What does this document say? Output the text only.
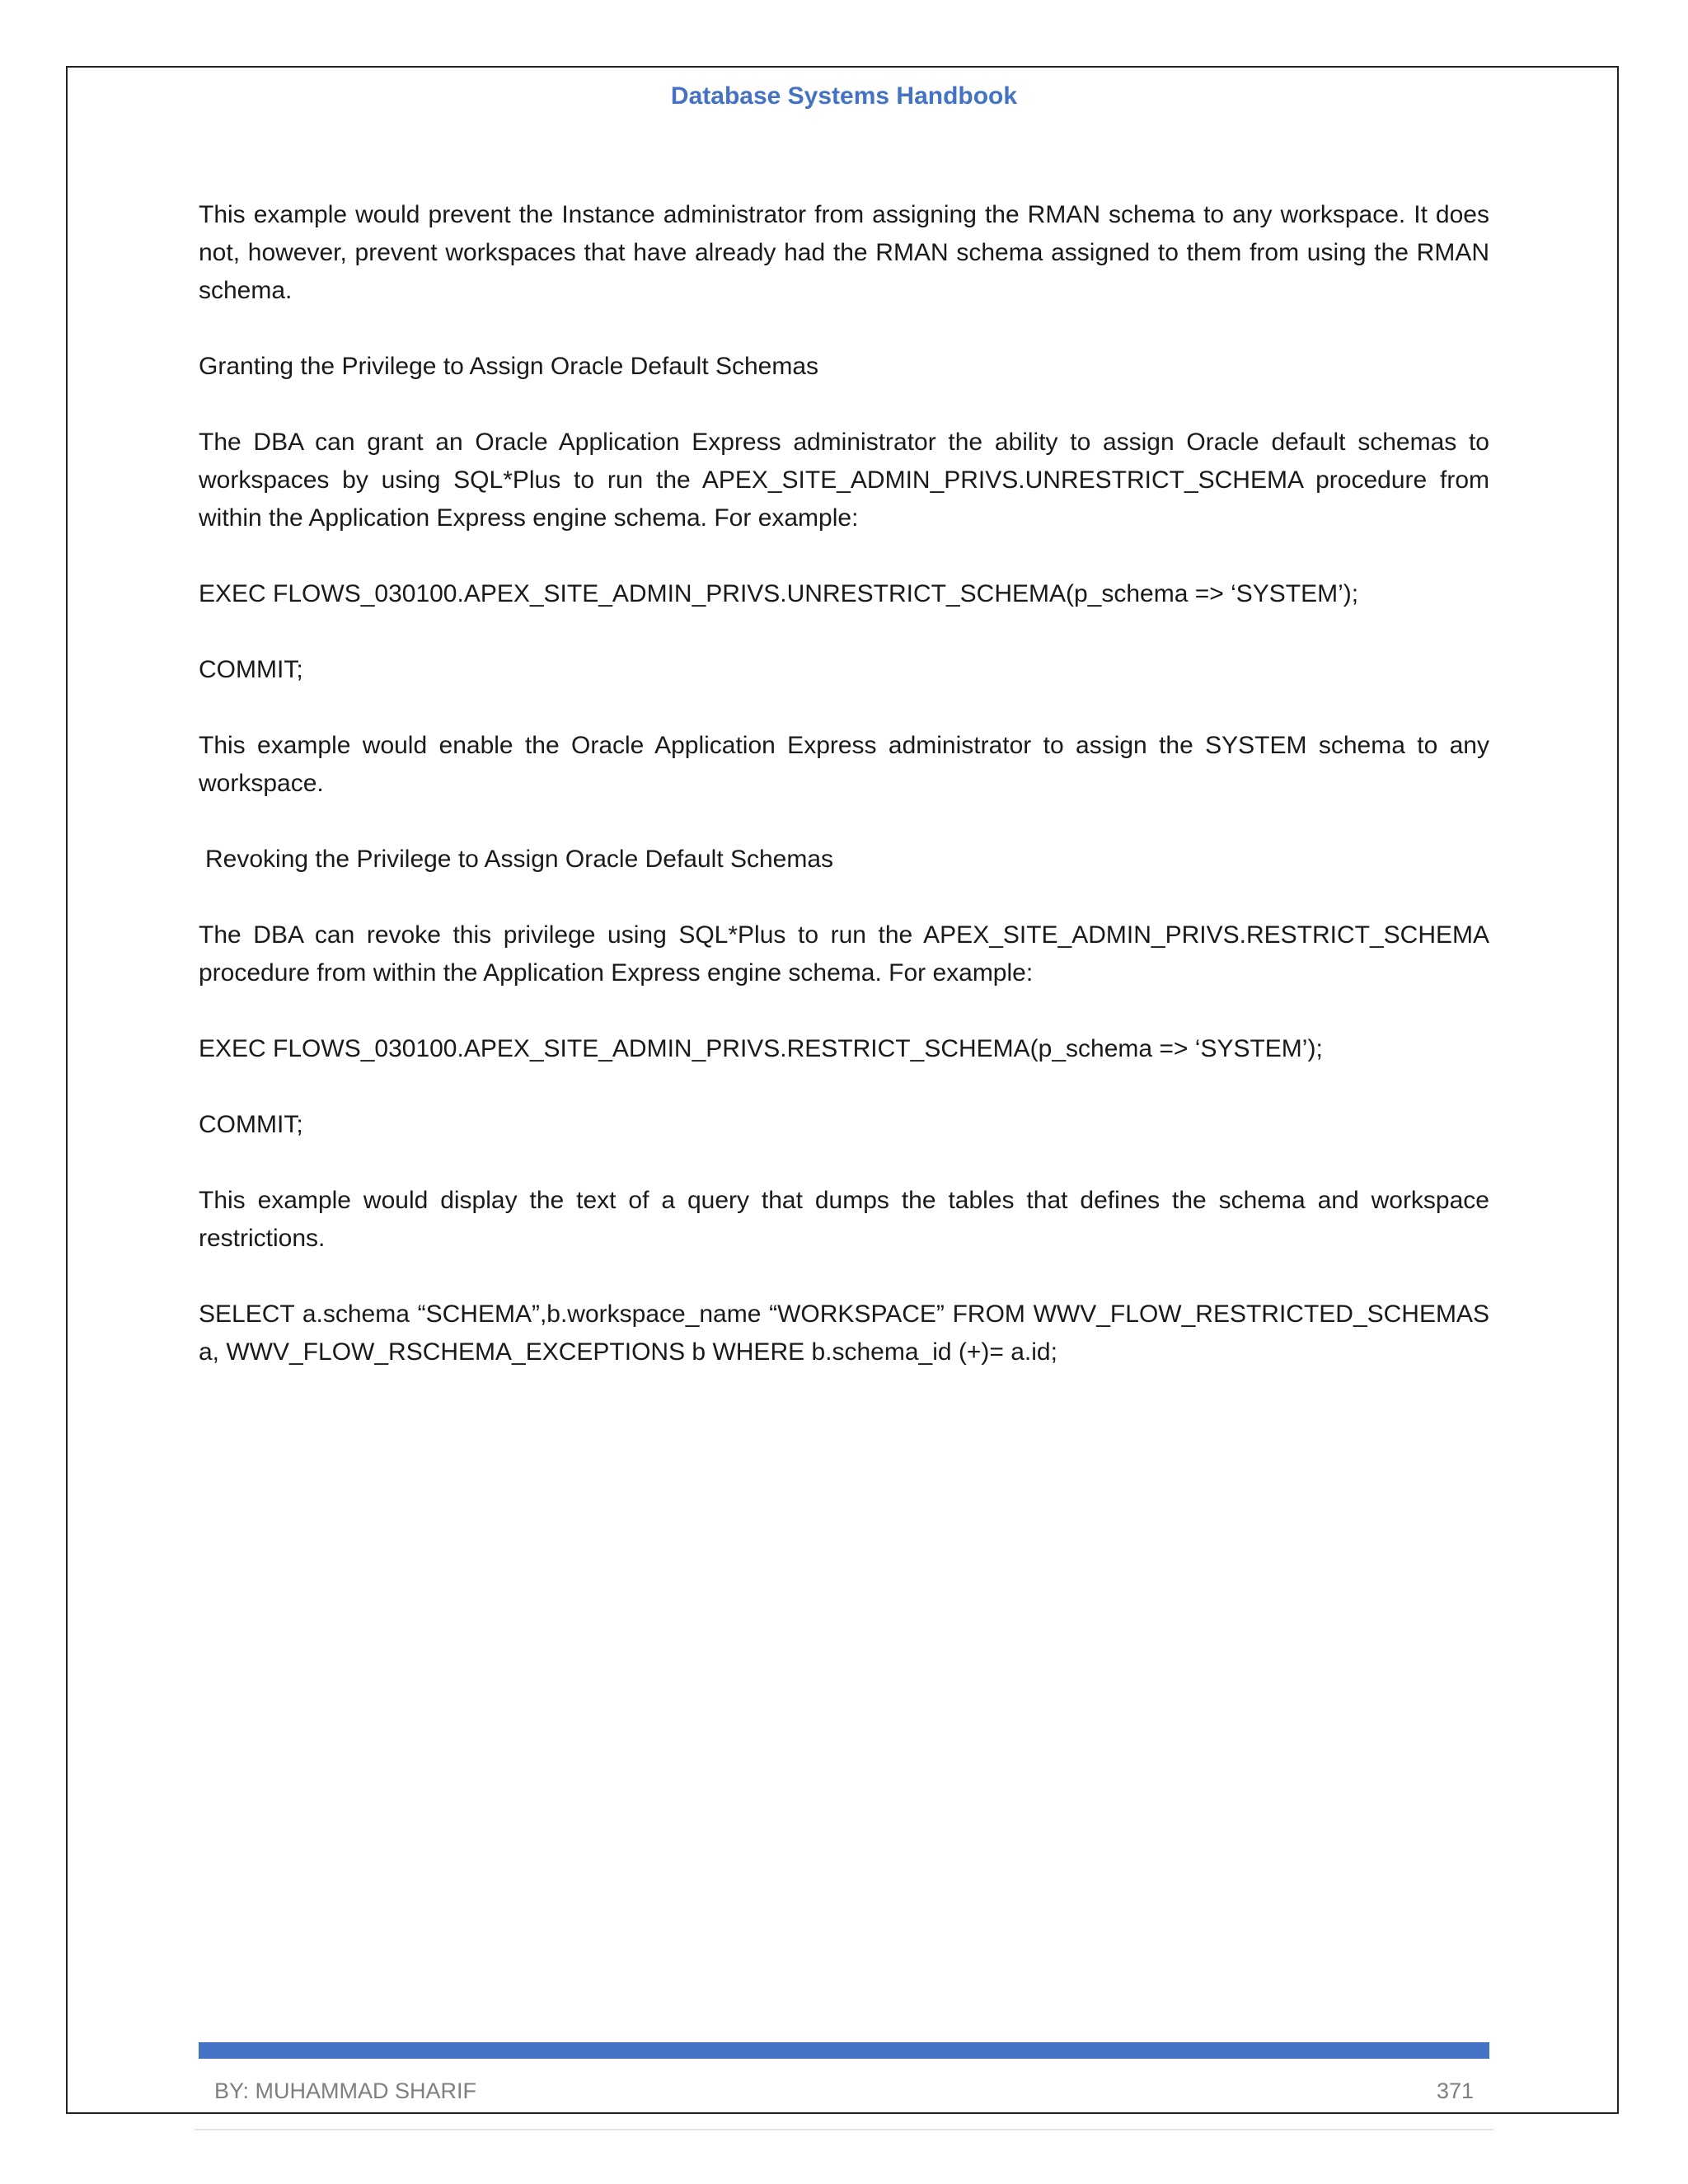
Database Systems Handbook

This example would prevent the Instance administrator from assigning the RMAN schema to any workspace. It does not, however, prevent workspaces that have already had the RMAN schema assigned to them from using the RMAN schema.

Granting the Privilege to Assign Oracle Default Schemas

The DBA can grant an Oracle Application Express administrator the ability to assign Oracle default schemas to workspaces by using SQL*Plus to run the APEX_SITE_ADMIN_PRIVS.UNRESTRICT_SCHEMA procedure from within the Application Express engine schema. For example:

EXEC FLOWS_030100.APEX_SITE_ADMIN_PRIVS.UNRESTRICT_SCHEMA(p_schema => ‘SYSTEM’);

COMMIT;

This example would enable the Oracle Application Express administrator to assign the SYSTEM schema to any workspace.

Revoking the Privilege to Assign Oracle Default Schemas

The DBA can revoke this privilege using SQL*Plus to run the APEX_SITE_ADMIN_PRIVS.RESTRICT_SCHEMA procedure from within the Application Express engine schema. For example:

EXEC FLOWS_030100.APEX_SITE_ADMIN_PRIVS.RESTRICT_SCHEMA(p_schema => ‘SYSTEM’);

COMMIT;

This example would display the text of a query that dumps the tables that defines the schema and workspace restrictions.

SELECT a.schema “SCHEMA”,b.workspace_name “WORKSPACE” FROM WWV_FLOW_RESTRICTED_SCHEMAS a, WWV_FLOW_RSCHEMA_EXCEPTIONS b WHERE b.schema_id (+)= a.id;

BY: MUHAMMAD SHARIF	371
